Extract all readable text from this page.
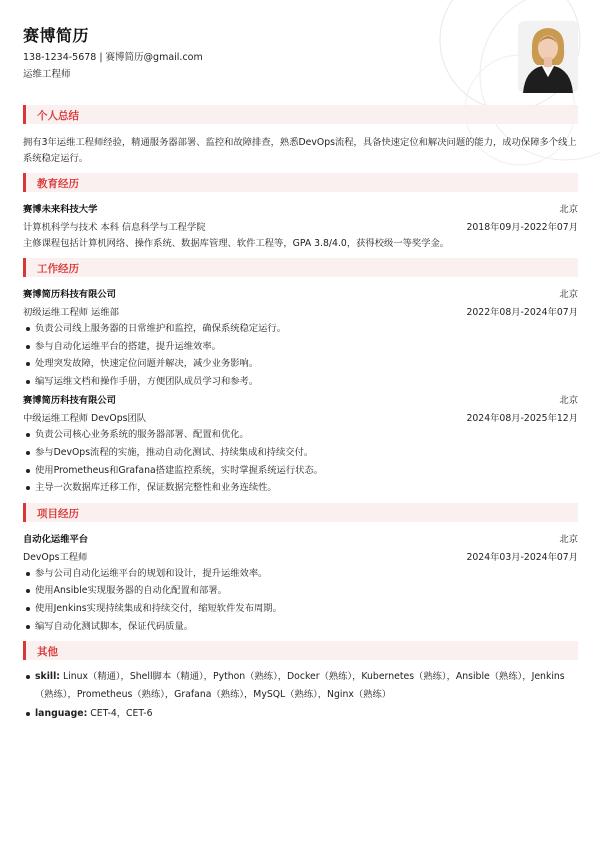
赛博简历
138-1234-5678 | 赛博简历@gmail.com
运维工程师
个人总结
拥有3年运维工程师经验，精通服务器部署、监控和故障排查，熟悉DevOps流程，具备快速定位和解决问题的能力，成功保障多个线上系统稳定运行。
教育经历
赛博未来科技大学	北京
计算机科学与技术 本科 信息科学与工程学院	2018年09月-2022年07月
主修课程包括计算机网络、操作系统、数据库管理、软件工程等，GPA 3.8/4.0，获得校级一等奖学金。
工作经历
赛博简历科技有限公司	北京
初级运维工程师 运维部	2022年08月-2024年07月
负责公司线上服务器的日常维护和监控，确保系统稳定运行。
参与自动化运维平台的搭建，提升运维效率。
处理突发故障，快速定位问题并解决，减少业务影响。
编写运维文档和操作手册，方便团队成员学习和参考。
赛博简历科技有限公司	北京
中级运维工程师 DevOps团队	2024年08月-2025年12月
负责公司核心业务系统的服务器部署、配置和优化。
参与DevOps流程的实施，推动自动化测试、持续集成和持续交付。
使用Prometheus和Grafana搭建监控系统，实时掌握系统运行状态。
主导一次数据库迁移工作，保证数据完整性和业务连续性。
项目经历
自动化运维平台	北京
DevOps工程师	2024年03月-2024年07月
参与公司自动化运维平台的规划和设计，提升运维效率。
使用Ansible实现服务器的自动化配置和部署。
使用Jenkins实现持续集成和持续交付，缩短软件发布周期。
编写自动化测试脚本，保证代码质量。
其他
skill: Linux（精通），Shell脚本（精通），Python（熟练），Docker（熟练），Kubernetes（熟练），Ansible（熟练），Jenkins
（熟练），Prometheus（熟练），Grafana（熟练），MySQL（熟练），Nginx（熟练）
language: CET-4，CET-6
